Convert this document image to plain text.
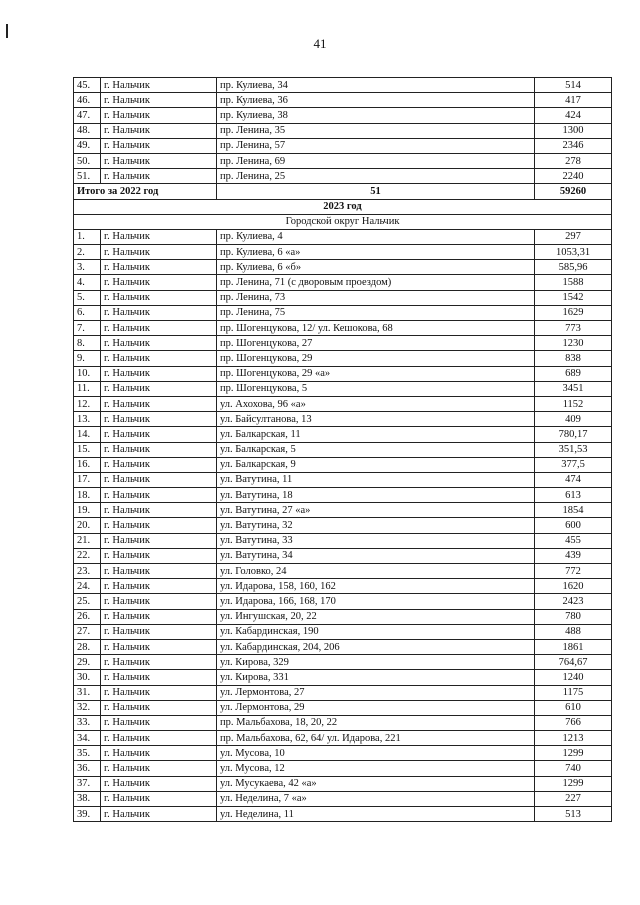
41
45.	г. Нальчик	пр. Кулиева, 34	514
46.	г. Нальчик	пр. Кулиева, 36	417
47.	г. Нальчик	пр. Кулиева, 38	424
48.	г. Нальчик	пр. Ленина, 35	1300
49.	г. Нальчик	пр. Ленина, 57	2346
50.	г. Нальчик	пр. Ленина, 69	278
51.	г. Нальчик	пр. Ленина, 25	2240
Итого за 2022 год		51	59260
2023 год			
Городской округ Нальчик			
1.	г. Нальчик	пр. Кулиева, 4	297
2.	г. Нальчик	пр. Кулиева, 6 «а»	1053,31
3.	г. Нальчик	пр. Кулиева, 6 «б»	585,96
4.	г. Нальчик	пр. Ленина, 71 (с дворовым проездом)	1588
5.	г. Нальчик	пр. Ленина, 73	1542
6.	г. Нальчик	пр. Ленина, 75	1629
7.	г. Нальчик	пр. Шогенцукова, 12/ ул. Кешокова, 68	773
8.	г. Нальчик	пр. Шогенцукова, 27	1230
9.	г. Нальчик	пр. Шогенцукова, 29	838
10.	г. Нальчик	пр. Шогенцукова, 29 «а»	689
11.	г. Нальчик	пр. Шогенцукова, 5	3451
12.	г. Нальчик	ул. Ахохова, 96 «а»	1152
13.	г. Нальчик	ул. Байсултанова, 13	409
14.	г. Нальчик	ул. Балкарская, 11	780,17
15.	г. Нальчик	ул. Балкарская, 5	351,53
16.	г. Нальчик	ул. Балкарская, 9	377,5
17.	г. Нальчик	ул. Ватутина, 11	474
18.	г. Нальчик	ул. Ватутина, 18	613
19.	г. Нальчик	ул. Ватутина, 27 «а»	1854
20.	г. Нальчик	ул. Ватутина, 32	600
21.	г. Нальчик	ул. Ватутина, 33	455
22.	г. Нальчик	ул. Ватутина, 34	439
23.	г. Нальчик	ул. Головко, 24	772
24.	г. Нальчик	ул. Идарова, 158, 160, 162	1620
25.	г. Нальчик	ул. Идарова, 166, 168, 170	2423
26.	г. Нальчик	ул. Ингушская, 20, 22	780
27.	г. Нальчик	ул. Кабардинская, 190	488
28.	г. Нальчик	ул. Кабардинская, 204, 206	1861
29.	г. Нальчик	ул. Кирова, 329	764,67
30.	г. Нальчик	ул. Кирова, 331	1240
31.	г. Нальчик	ул. Лермонтова, 27	1175
32.	г. Нальчик	ул. Лермонтова, 29	610
33.	г. Нальчик	пр. Мальбахова, 18, 20, 22	766
34.	г. Нальчик	пр. Мальбахова, 62, 64/ ул. Идарова, 221	1213
35.	г. Нальчик	ул. Мусова, 10	1299
36.	г. Нальчик	ул. Мусова, 12	740
37.	г. Нальчик	ул. Мусукаева, 42 «а»	1299
38.	г. Нальчик	ул. Неделина, 7 «а»	227
39.	г. Нальчик	ул. Неделина, 11	513
